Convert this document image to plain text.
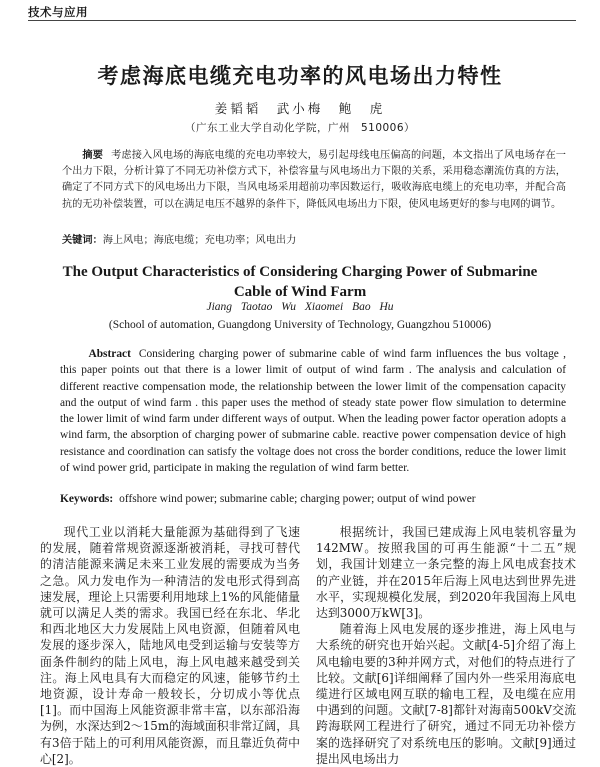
技术与应用
考虑海底电缆充电功率的风电场出力特性
姜韬韬　武小梅　鲍　虎
（广东工业大学自动化学院，广州　510006）
摘要 考虑接入风电场的海底电缆的充电功率较大，易引起母线电压偏高的问题，本文指出了风电场存在一个出力下限，分析计算了不同无功补偿方式下，补偿容量与风电场出力下限的关系，采用稳态潮流仿真的方法，确定了不同方式下的风电场出力下限，当风电场采用超前功率因数运行，吸收海底电缆上的充电功率，并配合高抗的无功补偿装置，可以在满足电压不越界的条件下，降低风电场出力下限，使风电场更好的参与电网的调节。
关键词：海上风电；海底电缆；充电功率；风电出力
The Output Characteristics of Considering Charging Power of Submarine Cable of Wind Farm
Jiang Taotao Wu Xiaomei Bao Hu
(School of automation, Guangdong University of Technology, Guangzhou 510006)
Abstract Considering charging power of submarine cable of wind farm influences the bus voltage , this paper points out that there is a lower limit of output of wind farm . The analysis and calculation of different reactive compensation mode, the relationship between the lower limit of the compensation capacity and the output of wind farm . this paper uses the method of steady state power flow simulation to determine the lower limit of wind farm under different ways of output. When the leading power factor operation adopts a wind farm, the absorption of charging power of submarine cable. reactive power compensation device of high resistance and coordination can satisfy the voltage does not cross the border conditions, reduce the lower limit of wind power grid, participate in making the regulation of wind farm better.
Keywords: offshore wind power; submarine cable; charging power; output of wind power

现代工业以消耗大量能源为基础得到了飞速的发展，随着常规资源逐渐被消耗，寻找可替代的清洁能源来满足未来工业发展的需要成为当务之急。风力发电作为一种清洁的发电形式得到高速发展，理论上只需要利用地球上1%的风能储量就可以满足人类的需求。我国已经在东北、华北和西北地区大力发展陆上风电资源，但随着风电发展的逐步深入，陆地风电受到运输与安装等方面条件制约的陆上风电，海上风电越来越受到关注。海上风电具有大而稳定的风速，能够节约土地资源，设计寿命一般较长，分切成小等优点[1]。而中国海上风能资源非常丰富，以东部沿海为例，水深达到2～15m的海域面积非常辽阔，具有3倍于陆上的可利用风能资源，而且靠近负荷中心[2]。

根据统计，我国已建成海上风电装机容量为142MW。按照我国的可再生能源“十二五”规划，我国计划建立一条完整的海上风电成套技术的产业链，并在2015年后海上风电达到世界先进水平，实现规模化发展，到2020年我国海上风电达到3000万kW[3]。

随着海上风电发展的逐步推进，海上风电与大系统的研究也开始兴起。文献[4-5]介绍了海上风电输电要的3种并网方式，对他们的特点进行了比较。文献[6]详细阐释了国内外一些采用海底电缆进行区域电网互联的输电工程，及电缆在应用中遇到的问题。文献[7-8]都针对海南500kV交流跨海联网工程进行了研究，通过不同无功补偿方案的选择研究了对系统电压的影响。文献[9]通过提出风电场出力
